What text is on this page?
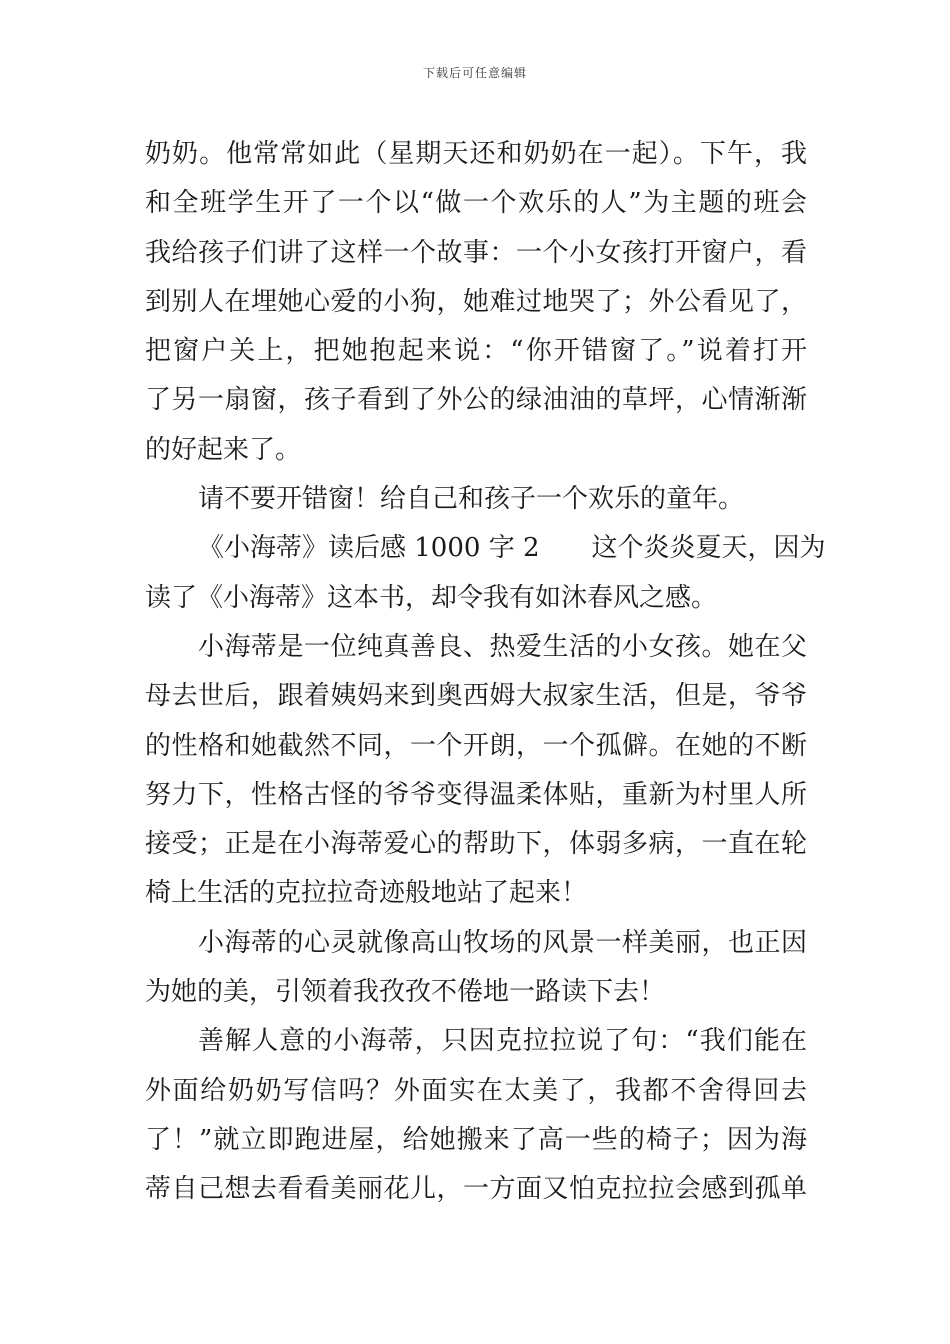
下载后可任意编辑
奶奶。他常常如此（星期天还和奶奶在一起）。下午，我
和全班学生开了一个以“做一个欢乐的人”为主题的班会
我给孩子们讲了这样一个故事：一个小女孩打开窗户，看
到别人在埋她心爱的小狗，她难过地哭了；外公看见了，
把窗户关上，把她抱起来说：“你开错窗了。”说着打开
了另一扇窗，孩子看到了外公的绿油油的草坪，心情渐渐
的好起来了。
请不要开错窗！给自己和孩子一个欢乐的童年。
《小海蒂》读后感 1000 字 2　　这个炎炎夏天，因为
读了《小海蒂》这本书，却令我有如沐春风之感。
小海蒂是一位纯真善良、热爱生活的小女孩。她在父
母去世后，跟着姨妈来到奥西姆大叔家生活，但是，爷爷
的性格和她截然不同，一个开朗，一个孤僻。在她的不断
努力下，性格古怪的爷爷变得温柔体贴，重新为村里人所
接受；正是在小海蒂爱心的帮助下，体弱多病，一直在轮
椅上生活的克拉拉奇迹般地站了起来！
小海蒂的心灵就像高山牧场的风景一样美丽，也正因
为她的美，引领着我孜孜不倦地一路读下去！
善解人意的小海蒂，只因克拉拉说了句：“我们能在
外面给奶奶写信吗？外面实在太美了，我都不舍得回去
了！”就立即跑进屋，给她搬来了高一些的椅子；因为海
蒂自己想去看看美丽花儿，一方面又怕克拉拉会感到孤单
